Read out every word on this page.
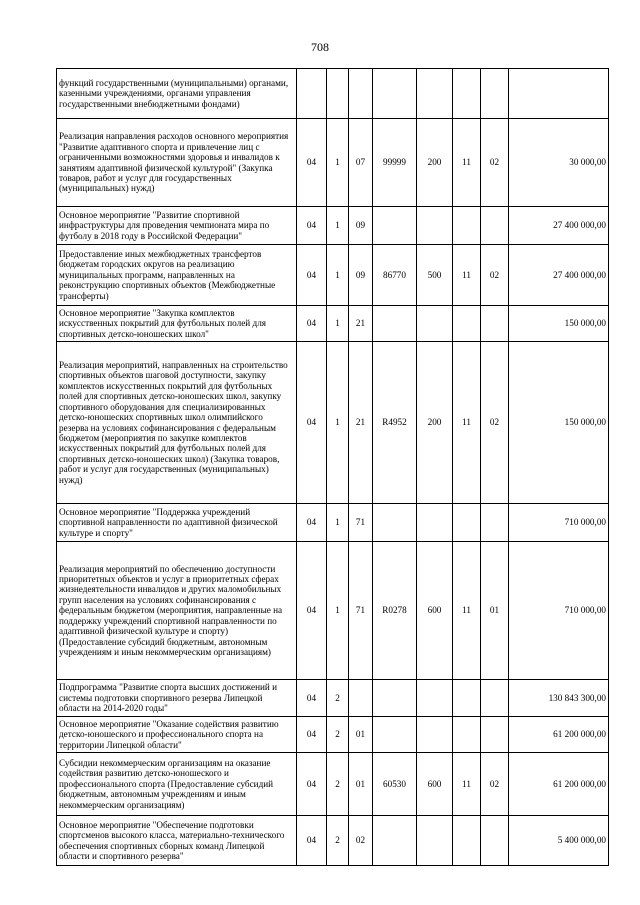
708
функций государственными (муниципальными) органами, казенными учреждениями, органами управления государственными внебюджетными фондами)								
Реализация направления расходов основного мероприятия "Развитие адаптивного спорта и привлечение лиц с ограниченными возможностями здоровья и инвалидов к занятиям адаптивной физической культурой" (Закупка товаров, работ и услуг для государственных (муниципальных) нужд)	04	1	07	99999	200	11	02	30 000,00
Основное мероприятие "Развитие спортивной инфраструктуры для проведения чемпионата мира по футболу в 2018 году в Российской Федерации"	04	1	09					27 400 000,00
Предоставление иных межбюджетных трансфертов бюджетам городских округов на реализацию муниципальных программ, направленных на реконструкцию спортивных объектов (Межбюджетные трансферты)	04	1	09	86770	500	11	02	27 400 000,00
Основное мероприятие "Закупка комплектов искусственных покрытий для футбольных полей для спортивных детско-юношеских школ"	04	1	21					150 000,00
Реализация мероприятий, направленных на строительство спортивных объектов шаговой доступности, закупку комплектов искусственных покрытий для футбольных полей для спортивных детско-юношеских школ, закупку спортивного оборудования для специализированных детско-юношеских спортивных школ олимпийского резерва на условиях софинансирования с федеральным бюджетом (мероприятия по закупке комплектов искусственных покрытий для футбольных полей для спортивных детско-юношеских школ) (Закупка товаров, работ и услуг для государственных (муниципальных) нужд)	04	1	21	R4952	200	11	02	150 000,00
Основное мероприятие "Поддержка учреждений спортивной направленности по адаптивной физической культуре и спорту"	04	1	71					710 000,00
Реализация мероприятий по обеспечению доступности приоритетных объектов и услуг в приоритетных сферах жизнедеятельности инвалидов и других маломобильных групп населения на условиях софинансирования с федеральным бюджетом (мероприятия, направленные на поддержку учреждений спортивной направленности по адаптивной физической культуре и спорту) (Предоставление субсидий бюджетным, автономным учреждениям и иным некоммерческим организациям)	04	1	71	R0278	600	11	01	710 000,00
Подпрограмма "Развитие спорта высших достижений и системы подготовки спортивного резерва Липецкой области на 2014-2020 годы"	04	2						130 843 300,00
Основное мероприятие "Оказание содействия развитию детско-юношеского и профессионального спорта на территории Липецкой области"	04	2	01					61 200 000,00
Субсидии некоммерческим организациям на оказание содействия развитию детско-юношеского и профессионального спорта (Предоставление субсидий бюджетным, автономным учреждениям и иным некоммерческим организациям)	04	2	01	60530	600	11	02	61 200 000,00
Основное мероприятие "Обеспечение подготовки спортсменов высокого класса, материально-технического обеспечения спортивных сборных команд Липецкой области и спортивного резерва"	04	2	02					5 400 000,00
